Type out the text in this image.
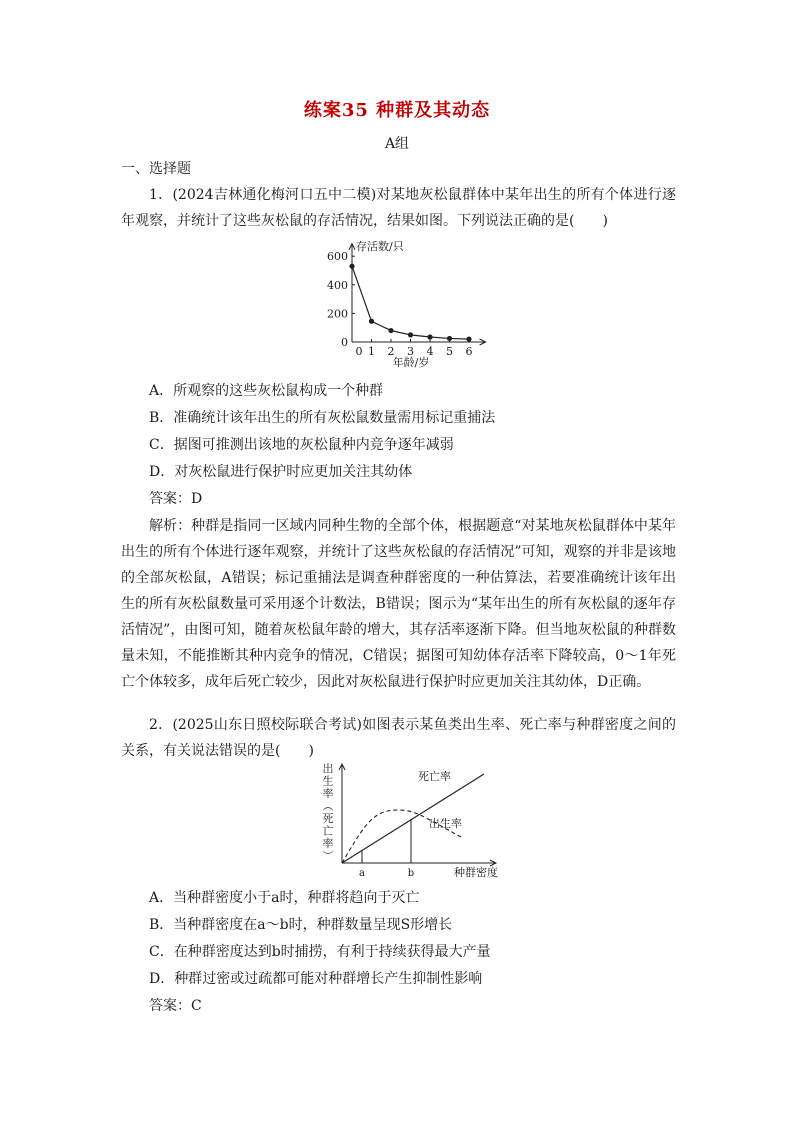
练案35 种群及其动态
A组
一、选择题
1．(2024吉林通化梅河口五中二模)对某地灰松鼠群体中某年出生的所有个体进行逐年观察，并统计了这些灰松鼠的存活情况，结果如图。下列说法正确的是(　　)
0
200
400
600
0 1 2 3 4 5 6
存活数/只
年龄/岁
A．所观察的这些灰松鼠构成一个种群
B．准确统计该年出生的所有灰松鼠数量需用标记重捕法
C．据图可推测出该地的灰松鼠种内竞争逐年减弱
D．对灰松鼠进行保护时应更加关注其幼体
答案：D
解析：种群是指同一区域内同种生物的全部个体，根据题意“对某地灰松鼠群体中某年出生的所有个体进行逐年观察，并统计了这些灰松鼠的存活情况”可知，观察的并非是该地的全部灰松鼠，A错误；标记重捕法是调查种群密度的一种估算法，若要准确统计该年出生的所有灰松鼠数量可采用逐个计数法，B错误；图示为“某年出生的所有灰松鼠的逐年存活情况”，由图可知，随着灰松鼠年龄的增大，其存活率逐渐下降。但当地灰松鼠的种群数量未知，不能推断其种内竞争的情况，C错误；据图可知幼体存活率下降较高，0～1年死亡个体较多，成年后死亡较少，因此对灰松鼠进行保护时应更加关注其幼体，D正确。
2．(2025山东日照校际联合考试)如图表示某鱼类出生率、死亡率与种群密度之间的关系，有关说法错误的是(　　)
a	b
死亡率
出生率
种群密度
出生率︵死亡率︶
A．当种群密度小于a时，种群将趋向于灭亡
B．当种群密度在a～b时，种群数量呈现S形增长
C．在种群密度达到b时捕捞，有利于持续获得最大产量
D．种群过密或过疏都可能对种群增长产生抑制性影响
答案：C
